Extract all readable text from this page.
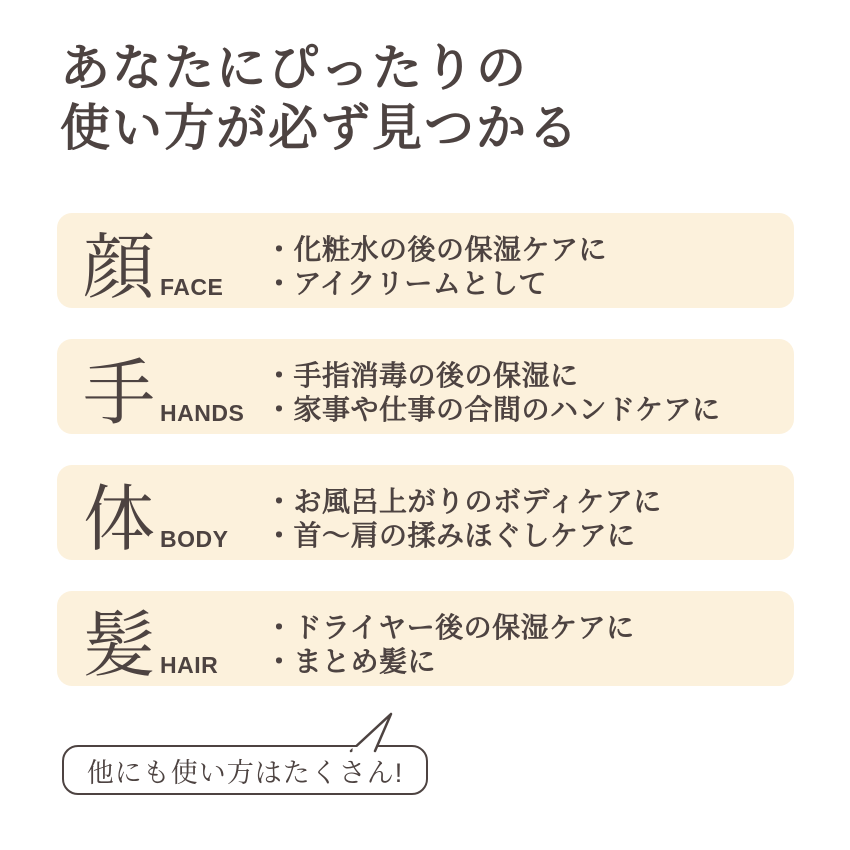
あなたにぴったりの
使い方が必ず見つかる
顔 FACE
・化粧水の後の保湿ケアに
・アイクリームとして
手 HANDS
・手指消毒の後の保湿に
・家事や仕事の合間のハンドケアに
体 BODY
・お風呂上がりのボディケアに
・首〜肩の揉みほぐしケアに
髪 HAIR
・ドライヤー後の保湿ケアに
・まとめ髪に
他にも使い方はたくさん!
